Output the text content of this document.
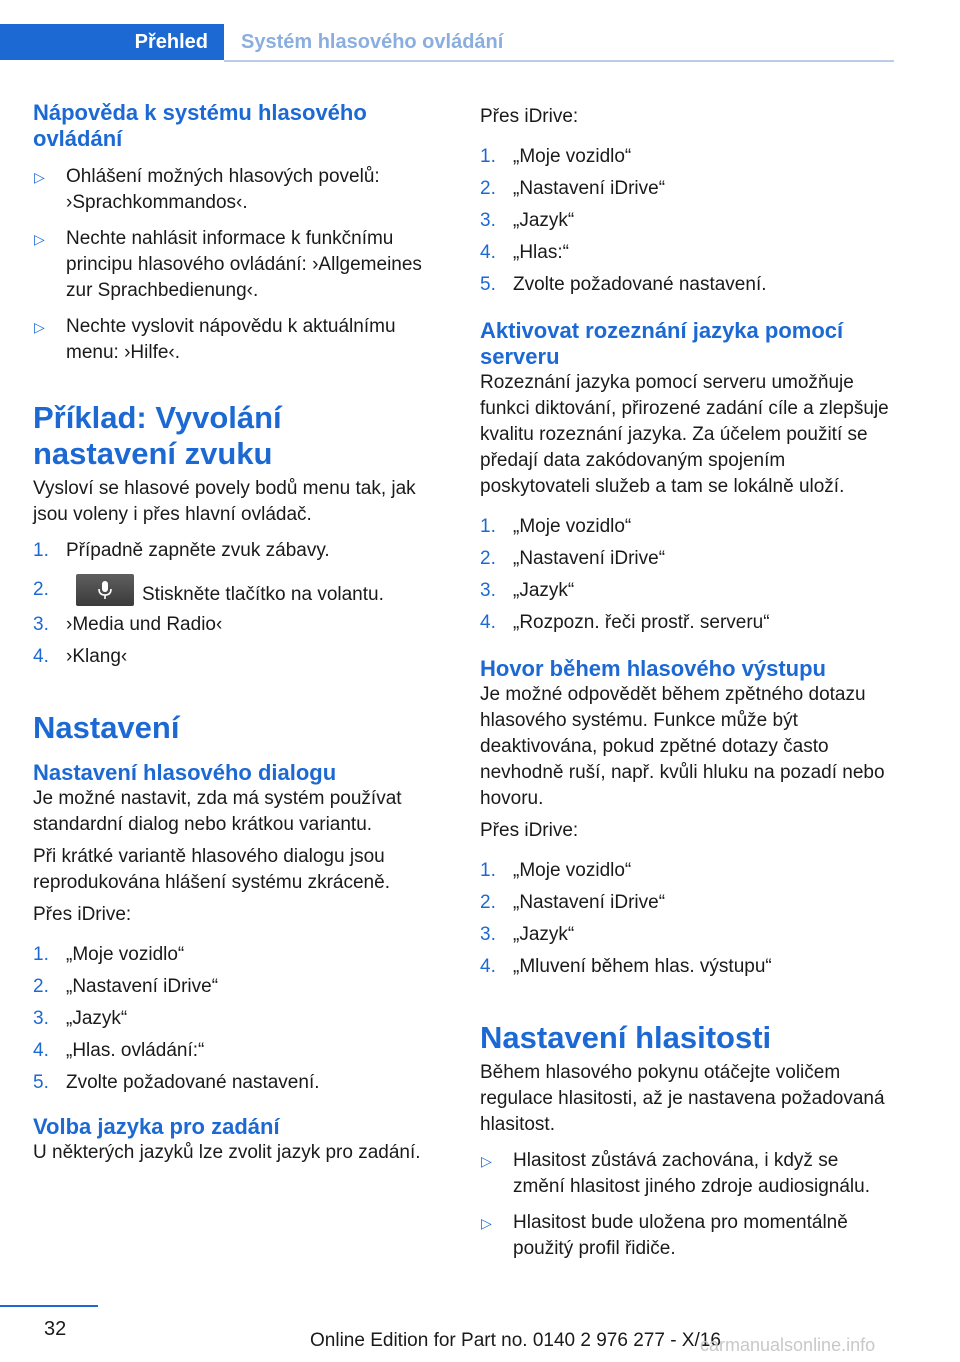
Přehled	Systém hlasového ovládání

Nápověda k systému hlasového ovládání

▷ Ohlášení možných hlasových povelů: ›Sprachkommandos‹.
▷ Nechte nahlásit informace k funkčnímu principu hlasového ovládání: ›Allgemeines zur Sprachbedienung‹.
▷ Nechte vyslovit nápovědu k aktuálnímu menu: ›Hilfe‹.

Příklad: Vyvolání nastavení zvuku

Vysloví se hlasové povely bodů menu tak, jak jsou voleny i přes hlavní ovládač.

1. Případně zapněte zvuk zábavy.
2.	Stiskněte tlačítko na volantu.
3. ›Media und Radio‹
4. ›Klang‹

Nastavení

Nastavení hlasového dialogu

Je možné nastavit, zda má systém používat standardní dialog nebo krátkou variantu.

Při krátké variantě hlasového dialogu jsou reprodukována hlášení systému zkráceně.

Přes iDrive:

1. „Moje vozidlo“
2. „Nastavení iDrive“
3. „Jazyk“
4. „Hlas. ovládání:“
5. Zvolte požadované nastavení.

Volba jazyka pro zadání

U některých jazyků lze zvolit jazyk pro zadání.

Přes iDrive:

1. „Moje vozidlo“
2. „Nastavení iDrive“
3. „Jazyk“
4. „Hlas:“
5. Zvolte požadované nastavení.

Aktivovat rozeznání jazyka pomocí serveru

Rozeznání jazyka pomocí serveru umožňuje funkci diktování, přirozené zadání cíle a zlepšuje kvalitu rozeznání jazyka. Za účelem použití se předají data zakódovaným spojením poskytovateli služeb a tam se lokálně uloží.

1. „Moje vozidlo“
2. „Nastavení iDrive“
3. „Jazyk“
4. „Rozpozn. řeči prostř. serveru“

Hovor během hlasového výstupu

Je možné odpovědět během zpětného dotazu hlasového systému. Funkce může být deaktivována, pokud zpětné dotazy často nevhodně ruší, např. kvůli hluku na pozadí nebo hovoru.

Přes iDrive:

1. „Moje vozidlo“
2. „Nastavení iDrive“
3. „Jazyk“
4. „Mluvení během hlas. výstupu“

Nastavení hlasitosti

Během hlasového pokynu otáčejte voličem regulace hlasitosti, až je nastavena požadovaná hlasitost.

▷ Hlasitost zůstává zachována, i když se změní hlasitost jiného zdroje audiosignálu.
▷ Hlasitost bude uložena pro momentálně použitý profil řidiče.
32
Online Edition for Part no. 0140 2 976 277 - X/16
carmanualsonline.info
